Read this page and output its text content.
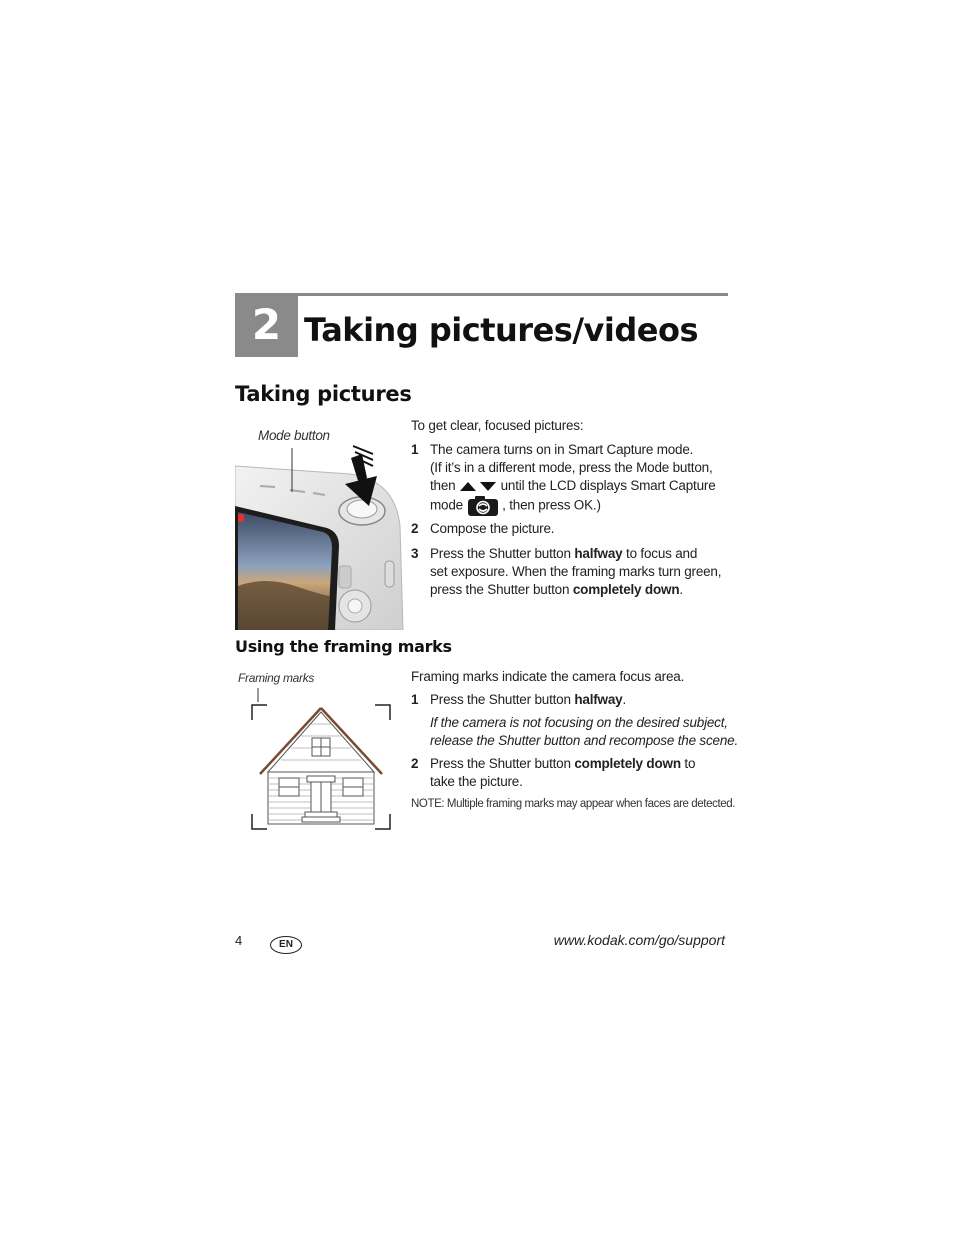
2 Taking pictures/videos
Taking pictures
Mode button
To get clear, focused pictures:
1 The camera turns on in Smart Capture mode.
(If it’s in a different mode, press the Mode button,
then	until the LCD displays Smart Capture
mode	, then press OK.)
2 Compose the picture.
3 Press the Shutter button halfway to focus and
set exposure. When the framing marks turn green,
press the Shutter button completely down.
Using the framing marks
Framing marks	Framing marks indicate the camera focus area.
1 Press the Shutter button halfway.
If the camera is not focusing on the desired subject,
release the Shutter button and recompose the scene.
2 Press the Shutter button completely down to
take the picture.
NOTE: Multiple framing marks may appear when faces are detected.
4	EN	www.kodak.com/go/support
